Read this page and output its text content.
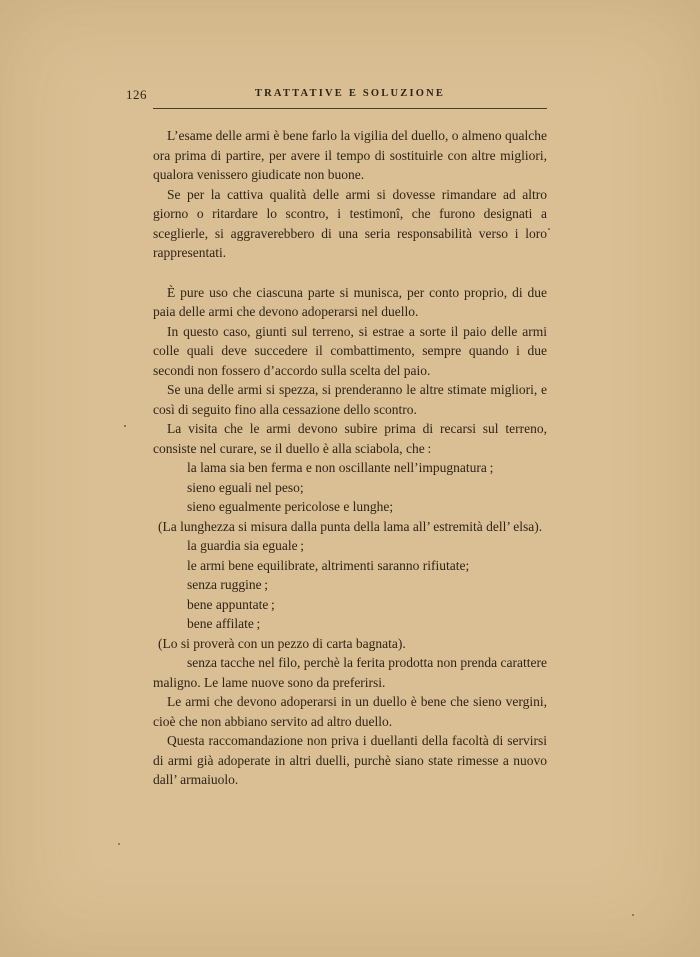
126	TRATTATIVE E SOLUZIONE

L’esame delle armi è bene farlo la vigilia del duello, o almeno qualche ora prima di partire, per avere il tempo di sostituirle con altre migliori, qualora venissero giudicate non buone.

Se per la cattiva qualità delle armi si dovesse rimandare ad altro giorno o ritardare lo scontro, i testimonî, che furono designati a sceglierle, si aggraverebbero di una seria responsabilità verso i loro rappresentati.

È pure uso che ciascuna parte si munisca, per conto proprio, di due paia delle armi che devono adoperarsi nel duello.

In questo caso, giunti sul terreno, si estrae a sorte il paio delle armi colle quali deve succedere il combattimento, sempre quando i due secondi non fossero d’accordo sulla scelta del paio.

Se una delle armi si spezza, si prenderanno le altre stimate migliori, e così di seguito fino alla cessazione dello scontro.

La visita che le armi devono subire prima di recarsi sul terreno, consiste nel curare, se il duello è alla sciabola, che :

la lama sia ben ferma e non oscillante nell’impugnatura ;

sieno eguali nel peso;

sieno egualmente pericolose e lunghe;

(La lunghezza si misura dalla punta della lama all’ estremità dell’ elsa).

la guardia sia eguale ;

le armi bene equilibrate, altrimenti saranno rifiutate;

senza ruggine ;

bene appuntate ;

bene affilate ;

(Lo si proverà con un pezzo di carta bagnata).

senza tacche nel filo, perchè la ferita prodotta non prenda carattere maligno. Le lame nuove sono da preferirsi.

Le armi che devono adoperarsi in un duello è bene che sieno vergini, cioè che non abbiano servito ad altro duello.

Questa raccomandazione non priva i duellanti della facoltà di servirsi di armi già adoperate in altri duelli, purchè siano state rimesse a nuovo dall’ armaiuolo.
